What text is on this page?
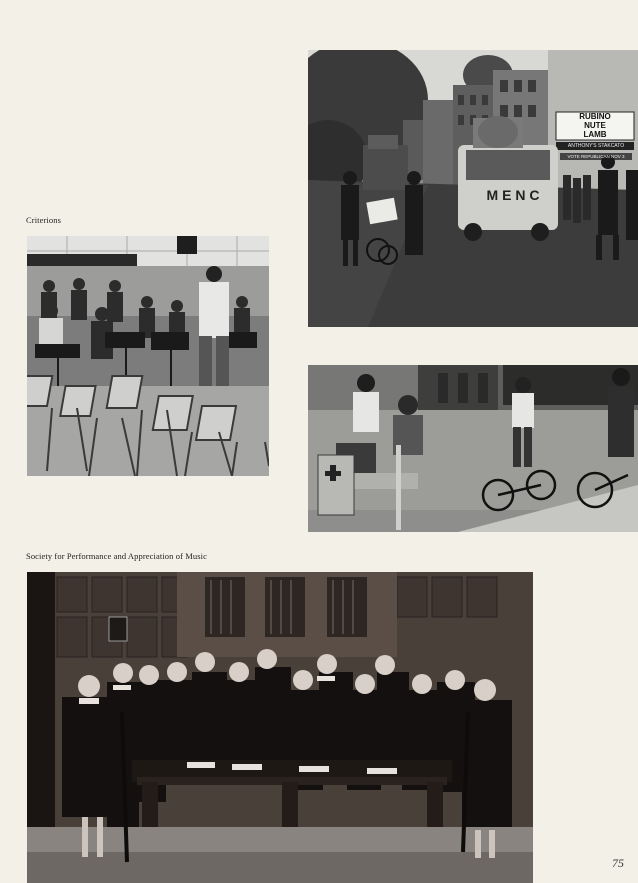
RUBINO
NUTE
LAMB
ANTHONY'S STAKCATO
VOTE REPUBLICAN NOV 3
M E N C
Criterions
Society for Performance and Appreciation of Music
75
